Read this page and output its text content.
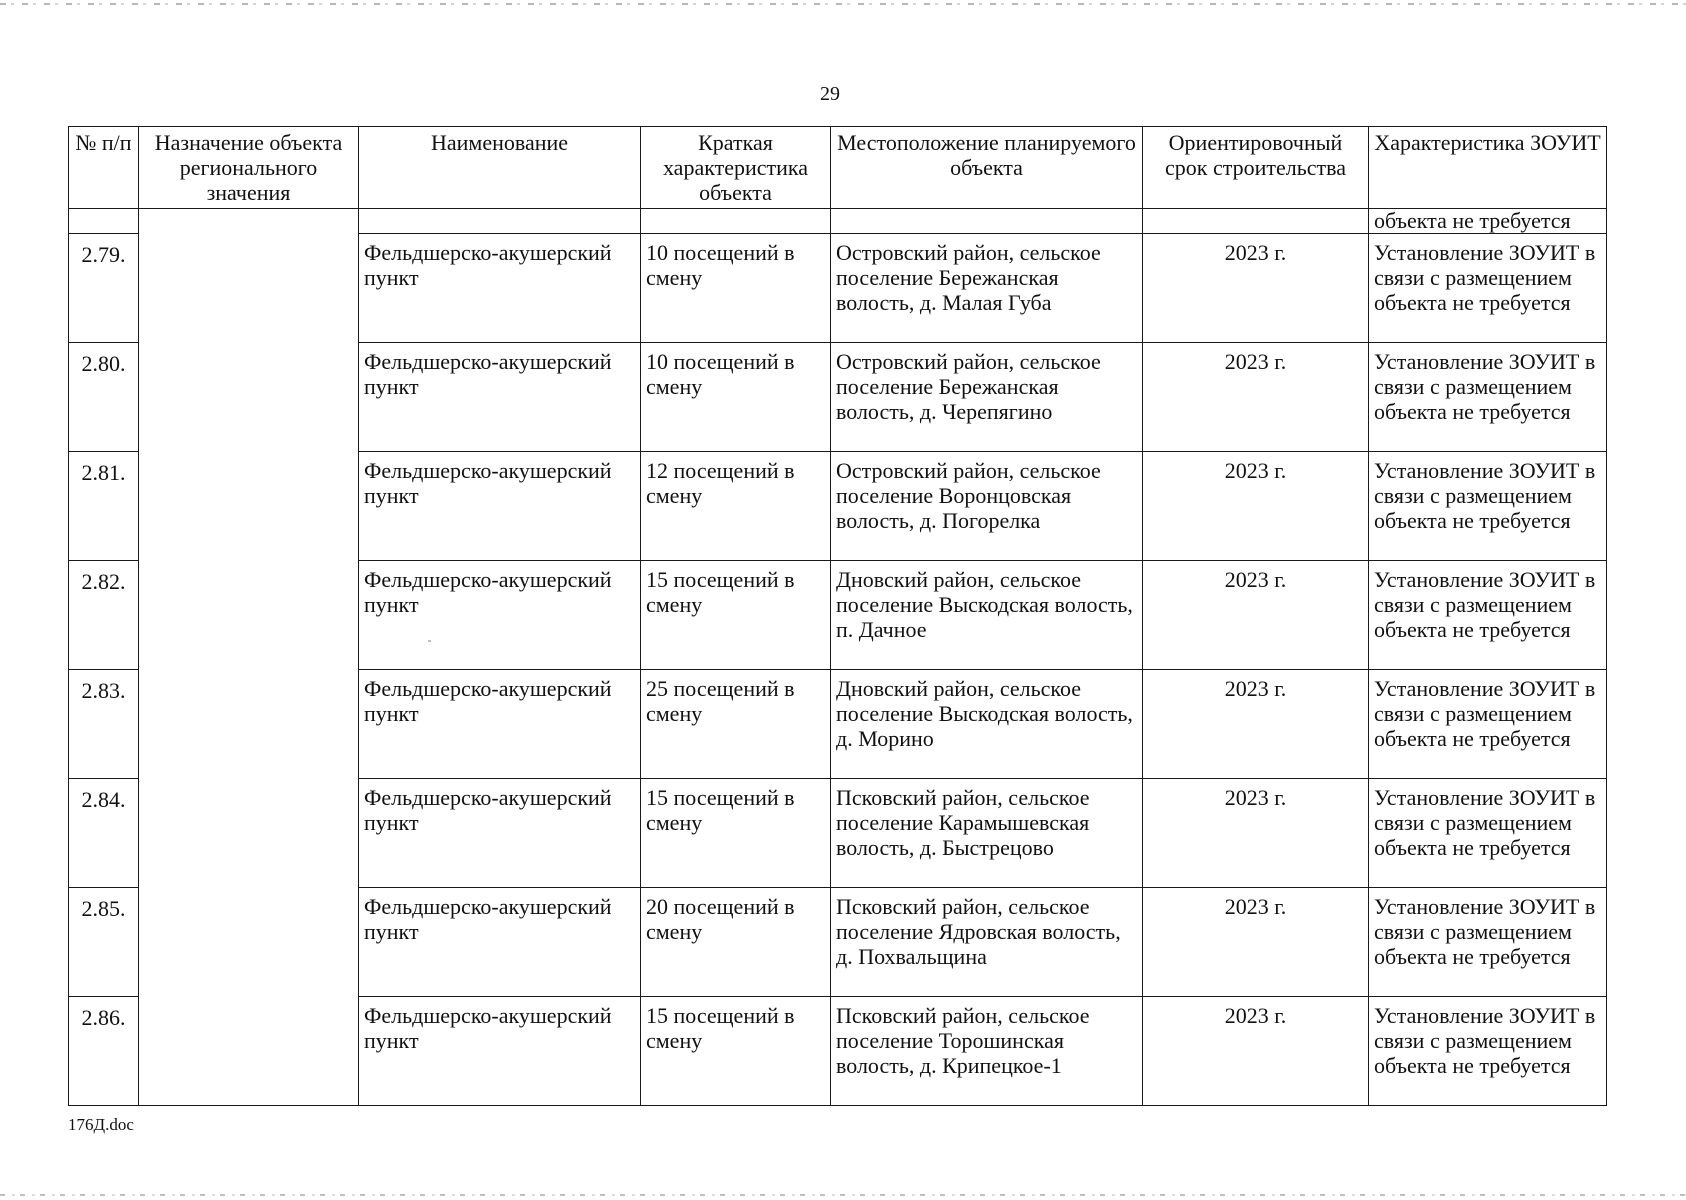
29
№ п/п	Назначение объекта регионального значения	Наименование	Краткая характеристика объекта	Местоположение планируемого объекта	Ориентировочный срок строительства	Характеристика ЗОУИТ
						объекта не требуется
2.79.		Фельдшерско-акушерский пункт	10 посещений в смену	Островский район, сельское поселение Бережанская волость, д. Малая Губа	2023 г.	Установление ЗОУИТ в связи с размещением объекта не требуется
2.80.		Фельдшерско-акушерский пункт	10 посещений в смену	Островский район, сельское поселение Бережанская волость, д. Черепягино	2023 г.	Установление ЗОУИТ в связи с размещением объекта не требуется
2.81.		Фельдшерско-акушерский пункт	12 посещений в смену	Островский район, сельское поселение Воронцовская волость, д. Погорелка	2023 г.	Установление ЗОУИТ в связи с размещением объекта не требуется
2.82.		Фельдшерско-акушерский пункт	15 посещений в смену	Дновский район, сельское поселение Выскодская волость, п. Дачное	2023 г.	Установление ЗОУИТ в связи с размещением объекта не требуется
2.83.		Фельдшерско-акушерский пункт	25 посещений в смену	Дновский район, сельское поселение Выскодская волость, д. Морино	2023 г.	Установление ЗОУИТ в связи с размещением объекта не требуется
2.84.		Фельдшерско-акушерский пункт	15 посещений в смену	Псковский район, сельское поселение Карамышевская волость, д. Быстрецово	2023 г.	Установление ЗОУИТ в связи с размещением объекта не требуется
2.85.		Фельдшерско-акушерский пункт	20 посещений в смену	Псковский район, сельское поселение Ядровская волость, д. Похвальщина	2023 г.	Установление ЗОУИТ в связи с размещением объекта не требуется
2.86.		Фельдшерско-акушерский пункт	15 посещений в смену	Псковский район, сельское поселение Торошинская волость, д. Крипецкое-1	2023 г.	Установление ЗОУИТ в связи с размещением объекта не требуется
176Д.doc
